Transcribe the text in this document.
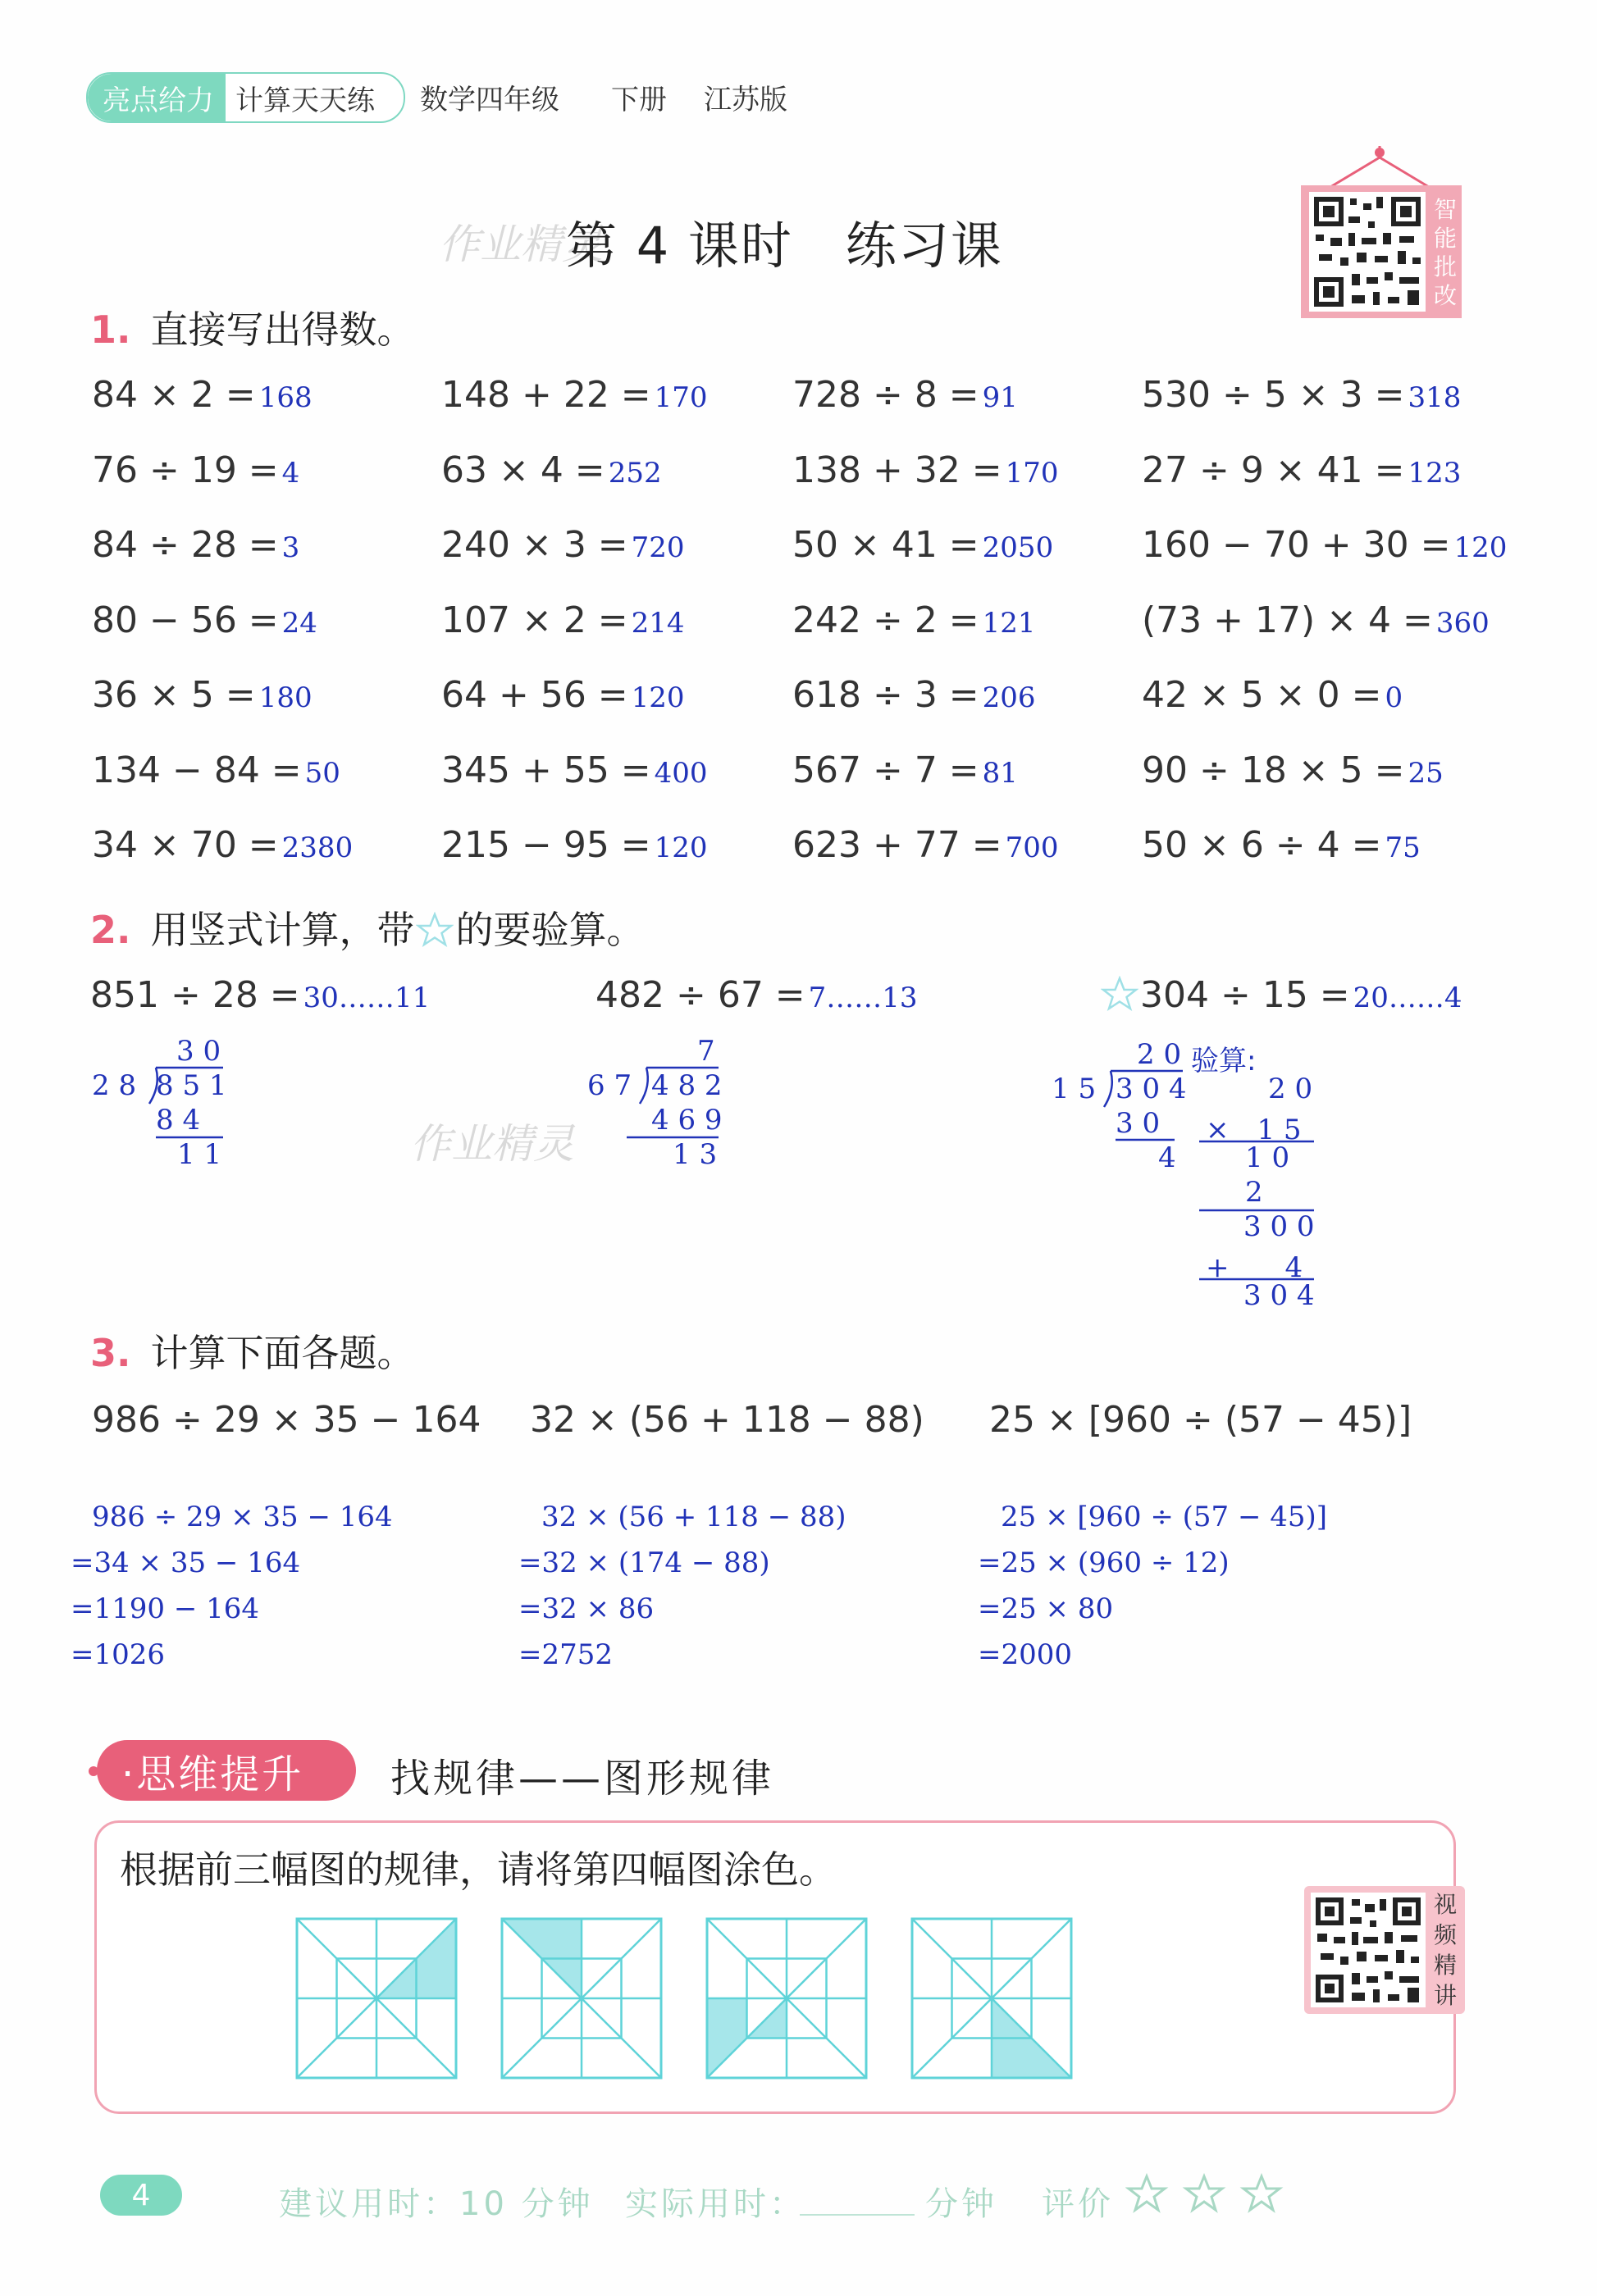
亮点给力 计算天天练 数学四年级 下册 江苏版
作业精灵
第 4 课时　练习课
智能批改
1. 直接写出得数。
84 × 2 = 168	148 + 22 = 170 728 ÷ 8 = 91	530 ÷ 5 × 3 = 318
76 ÷ 19 = 4	63 × 4 = 252	138 + 32 = 170 27 ÷ 9 × 41 = 123
84 ÷ 28 = 3	240 × 3 = 720	50 × 41 = 2050 160 − 70 + 30 = 120
80 − 56 = 24	107 × 2 = 214	242 ÷ 2 = 121	(73 + 17) × 4 = 360
36 × 5 = 180	64 + 56 = 120	618 ÷ 3 = 206	42 × 5 × 0 = 0
134 − 84 = 50	345 + 55 = 400 567 ÷ 7 = 81	90 ÷ 18 × 5 = 25
34 × 70 = 2380 215 − 95 = 120 623 + 77 = 700 50 × 6 ÷ 4 = 75
2. 用竖式计算，带 的要验算。
851 ÷ 28 = 30……11	482 ÷ 67 = 7……13	304 ÷ 15 = 20……4
3 0
2 8 8 5 1
8 4
1 1
7
6 7 4 8 2
4 6 9
1 3
作业精灵
2 0
1 5 3 0 4
3 0
4
验算:
2 0
×　1 5
1 0
2
3 0 0
+　　4
3 0 4
3. 计算下面各题。
986 ÷ 29 × 35 − 164 32 × (56 + 118 − 88) 25 × [960 ÷ (57 − 45)]
986 ÷ 29 × 35 − 164
=34 × 35 − 164
=1190 − 164
=1026
32 × (56 + 118 − 88)
=32 × (174 − 88)
=32 × 86
=2752
25 × [960 ÷ (57 − 45)]
=25 × (960 ÷ 12)
=25 × 80
=2000
·思维提升	找规律——图形规律
根据前三幅图的规律，请将第四幅图涂色。
视频精讲
4	建议用时：10 分钟 实际用时：	分钟 评价
